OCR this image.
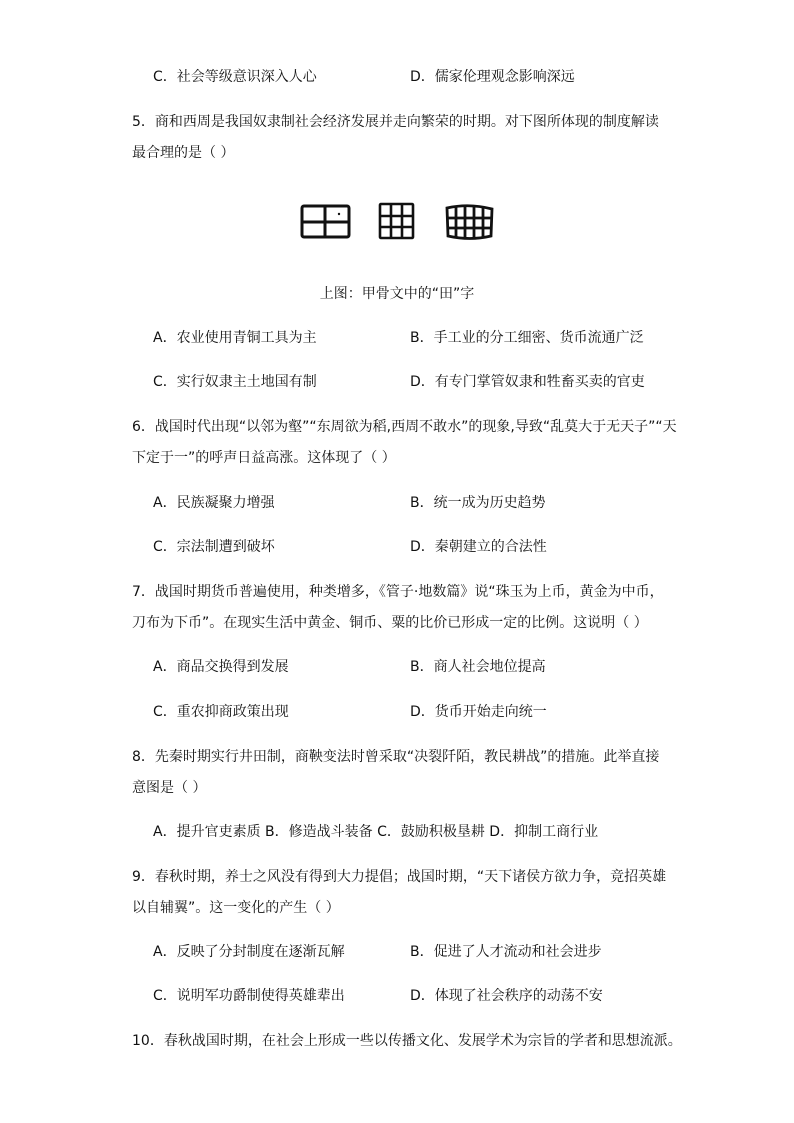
C．社会等级意识深入人心	D．儒家伦理观念影响深远
5．商和西周是我国奴隶制社会经济发展并走向繁荣的时期。对下图所体现的制度解读
最合理的是（ ）
上图：甲骨文中的“田”字
A．农业使用青铜工具为主	B．手工业的分工细密、货币流通广泛
C．实行奴隶主土地国有制	D．有专门掌管奴隶和牲畜买卖的官吏
6．战国时代出现“以邻为壑”“东周欲为稻,西周不敢水”的现象,导致“乱莫大于无天子”“天
下定于一”的呼声日益高涨。这体现了（ ）
A．民族凝聚力增强	B．统一成为历史趋势
C．宗法制遭到破坏	D．秦朝建立的合法性
7．战国时期货币普遍使用，种类增多，《管子·地数篇》说“珠玉为上币，黄金为中币，
刀布为下币”。在现实生活中黄金、铜币、粟的比价已形成一定的比例。这说明（ ）
A．商品交换得到发展	B．商人社会地位提高
C．重农抑商政策出现	D．货币开始走向统一
8．先秦时期实行井田制，商鞅变法时曾采取“决裂阡陌，教民耕战”的措施。此举直接
意图是（ ）
A．提升官吏素质 B．修造战斗装备 C．鼓励积极垦耕 D．抑制工商行业
9．春秋时期，养士之风没有得到大力提倡；战国时期，“天下诸侯方欲力争，竞招英雄
以自辅翼”。这一变化的产生（ ）
A．反映了分封制度在逐渐瓦解	B．促进了人才流动和社会进步
C．说明军功爵制使得英雄辈出	D．体现了社会秩序的动荡不安
10．春秋战国时期，在社会上形成一些以传播文化、发展学术为宗旨的学者和思想流派。
